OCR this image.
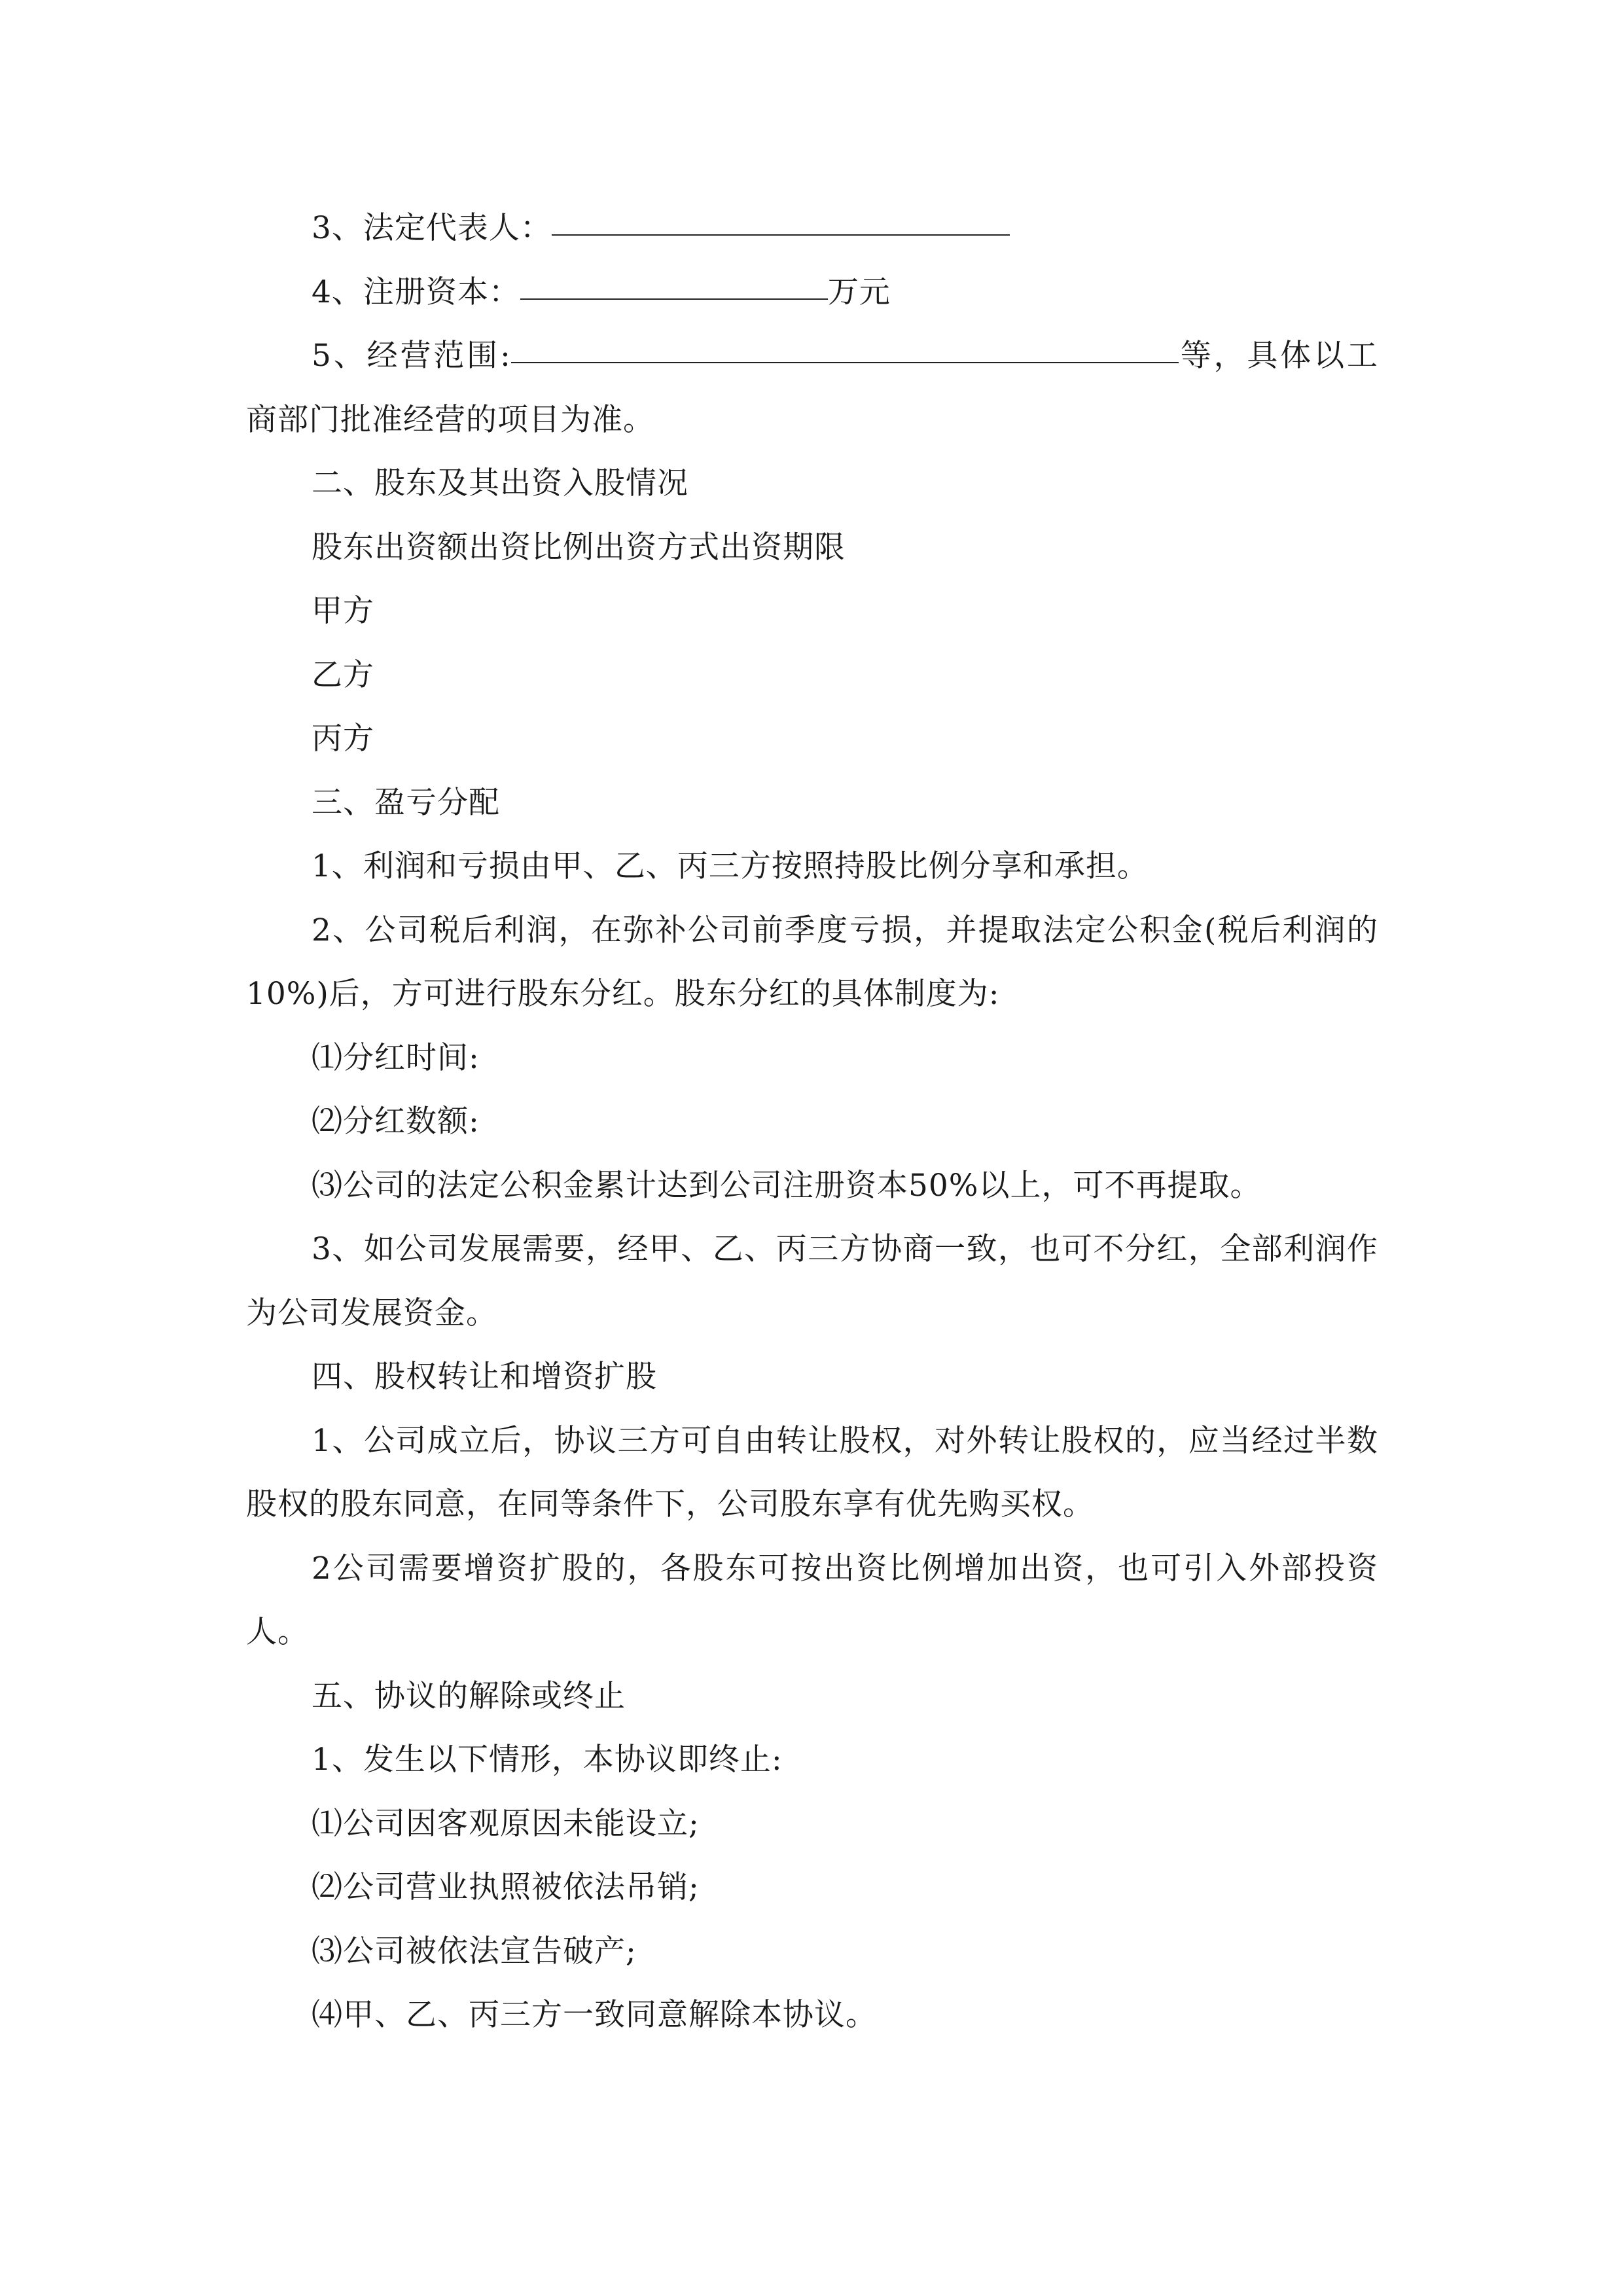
3、法定代表人：

4、注册资本：	万元

5、经营范围:	等，具体以工商部门批准经营的项目为准。

二、股东及其出资入股情况

股东出资额出资比例出资方式出资期限

甲方

乙方

丙方

三、盈亏分配

1、利润和亏损由甲、乙、丙三方按照持股比例分享和承担。

2、公司税后利润，在弥补公司前季度亏损，并提取法定公积金(税后利润的10%)后，方可进行股东分红。股东分红的具体制度为:

⑴分红时间:

⑵分红数额:

⑶公司的法定公积金累计达到公司注册资本50%以上，可不再提取。

3、如公司发展需要，经甲、乙、丙三方协商一致，也可不分红，全部利润作为公司发展资金。

四、股权转让和增资扩股

1、公司成立后，协议三方可自由转让股权，对外转让股权的，应当经过半数股权的股东同意，在同等条件下，公司股东享有优先购买权。

2公司需要增资扩股的，各股东可按出资比例增加出资，也可引入外部投资人。

五、协议的解除或终止

1、发生以下情形，本协议即终止:

⑴公司因客观原因未能设立;

⑵公司营业执照被依法吊销;

⑶公司被依法宣告破产;

⑷甲、乙、丙三方一致同意解除本协议。
